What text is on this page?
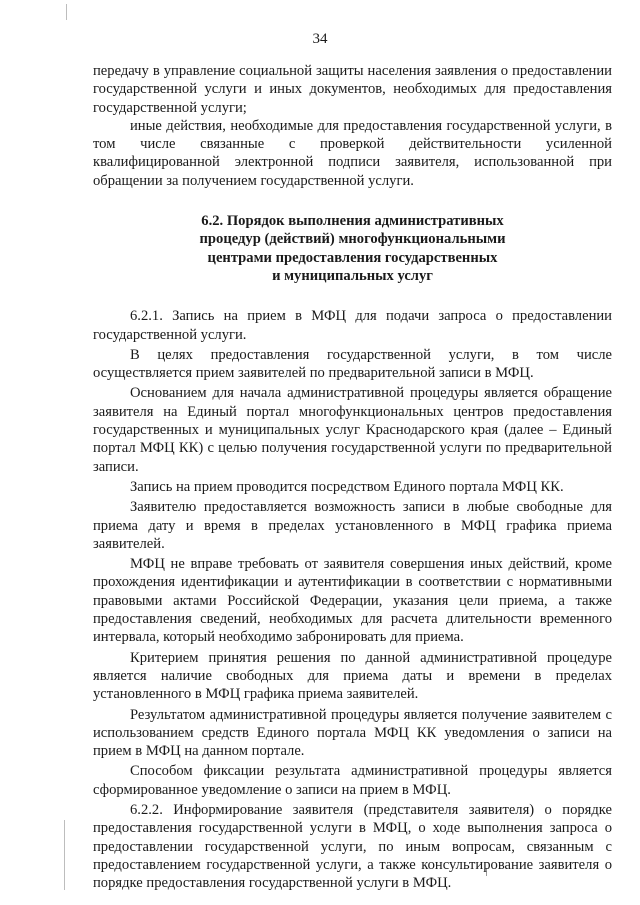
34

передачу в управление социальной защиты населения заявления о предоставлении государственной услуги и иных документов, необходимых для предоставления государственной услуги;

иные действия, необходимые для предоставления государственной услуги, в том числе связанные с проверкой действительности усиленной квалифицированной электронной подписи заявителя, использованной при обращении за получением государственной услуги.

6.2. Порядок выполнения административных
процедур (действий) многофункциональными
центрами предоставления государственных
и муниципальных услуг

6.2.1. Запись на прием в МФЦ для подачи запроса о предоставлении государственной услуги.

В целях предоставления государственной услуги, в том числе осуществляется прием заявителей по предварительной записи в МФЦ.

Основанием для начала административной процедуры является обращение заявителя на Единый портал многофункциональных центров предоставления государственных и муниципальных услуг Краснодарского края (далее – Единый портал МФЦ КК) с целью получения государственной услуги по предварительной записи.

Запись на прием проводится посредством Единого портала МФЦ КК.

Заявителю предоставляется возможность записи в любые свободные для приема дату и время в пределах установленного в МФЦ графика приема заявителей.

МФЦ не вправе требовать от заявителя совершения иных действий, кроме прохождения идентификации и аутентификации в соответствии с нормативными правовыми актами Российской Федерации, указания цели приема, а также предоставления сведений, необходимых для расчета длительности временного интервала, который необходимо забронировать для приема.

Критерием принятия решения по данной административной процедуре является наличие свободных для приема даты и времени в пределах установленного в МФЦ графика приема заявителей.

Результатом административной процедуры является получение заявителем с использованием средств Единого портала МФЦ КК уведомления о записи на прием в МФЦ на данном портале.

Способом фиксации результата административной процедуры является сформированное уведомление о записи на прием в МФЦ.

6.2.2. Информирование заявителя (представителя заявителя) о порядке предоставления государственной услуги в МФЦ, о ходе выполнения запроса о предоставлении государственной услуги, по иным вопросам, связанным с предоставлением государственной услуги, а также консультирование заявителя о порядке предоставления государственной услуги в МФЦ.
